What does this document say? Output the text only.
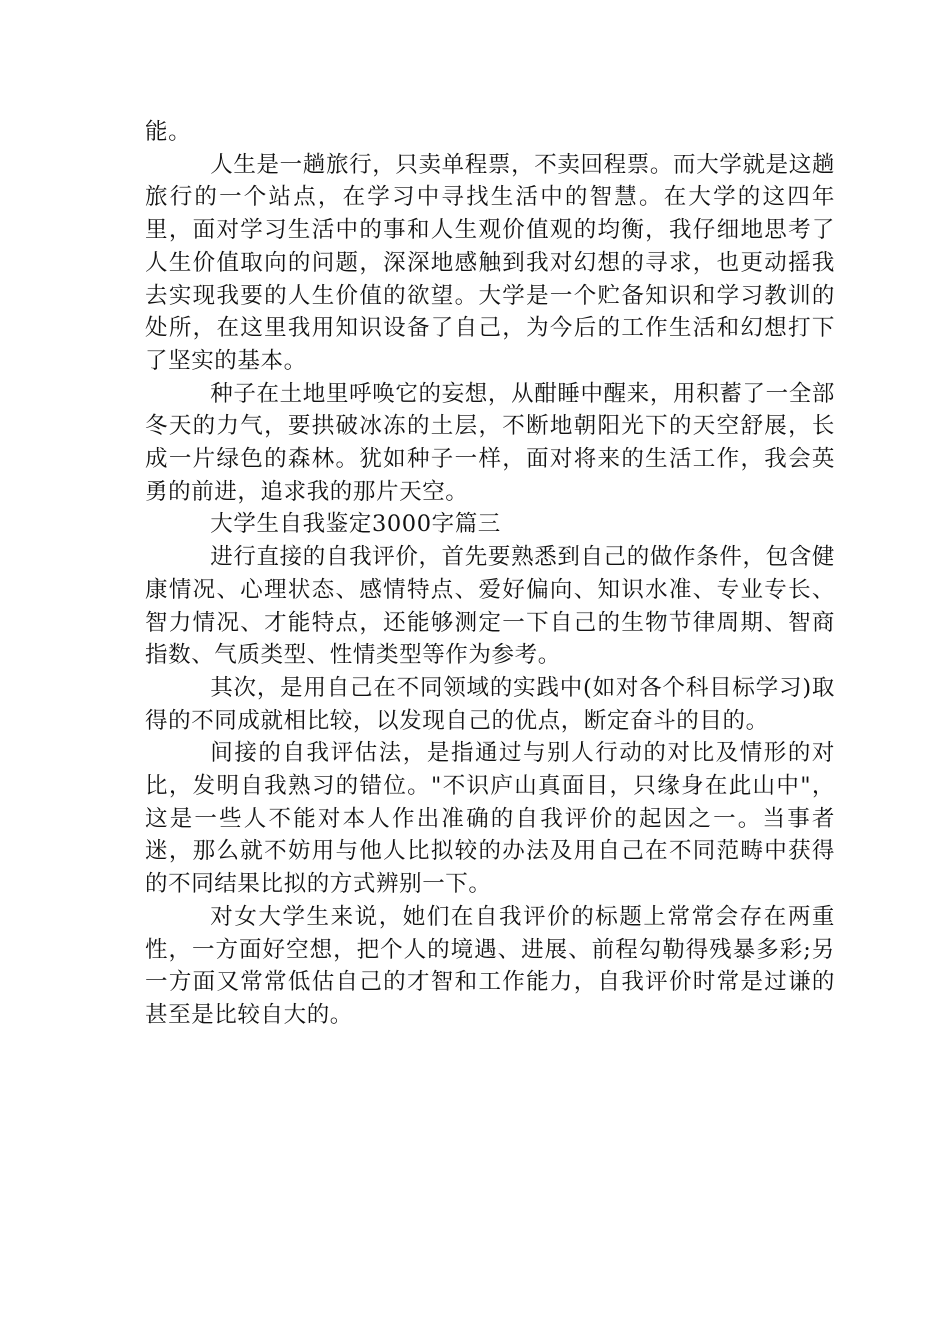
能。

人生是一趟旅行，只卖单程票，不卖回程票。而大学就是这趟旅行的一个站点，在学习中寻找生活中的智慧。在大学的这四年里，面对学习生活中的事和人生观价值观的均衡，我仔细地思考了人生价值取向的问题，深深地感触到我对幻想的寻求，也更动摇我去实现我要的人生价值的欲望。大学是一个贮备知识和学习教训的处所，在这里我用知识设备了自己，为今后的工作生活和幻想打下了坚实的基本。

种子在土地里呼唤它的妄想，从酣睡中醒来，用积蓄了一全部冬天的力气，要拱破冰冻的土层，不断地朝阳光下的天空舒展，长成一片绿色的森林。犹如种子一样，面对将来的生活工作，我会英勇的前进，追求我的那片天空。

大学生自我鉴定3000字篇三

进行直接的自我评价，首先要熟悉到自己的做作条件，包含健康情况、心理状态、感情特点、爱好偏向、知识水准、专业专长、智力情况、才能特点，还能够测定一下自己的生物节律周期、智商指数、气质类型、性情类型等作为参考。

其次，是用自己在不同领域的实践中(如对各个科目标学习)取得的不同成就相比较，以发现自己的优点，断定奋斗的目的。

间接的自我评估法，是指通过与别人行动的对比及情形的对比，发明自我熟习的错位。"不识庐山真面目，只缘身在此山中"，这是一些人不能对本人作出准确的自我评价的起因之一。当事者迷，那么就不妨用与他人比拟较的办法及用自己在不同范畴中获得的不同结果比拟的方式辨别一下。

对女大学生来说，她们在自我评价的标题上常常会存在两重性，一方面好空想，把个人的境遇、进展、前程勾勒得残暴多彩;另一方面又常常低估自己的才智和工作能力，自我评价时常是过谦的甚至是比较自大的。
